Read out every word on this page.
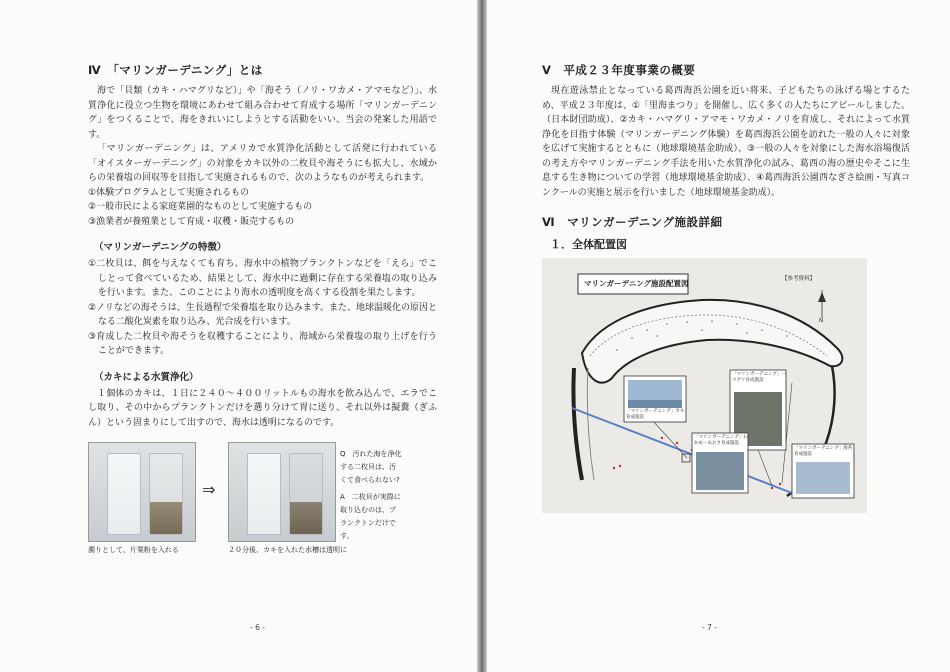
Ⅳ　「マリンガーデニング」とは

海で「貝類（カキ・ハマグリなど）」や「海そう（ノリ・ワカメ・アマモなど）」、水質浄化に役立つ生物を環境にあわせて組み合わせて育成する場所「マリンガーデニング」をつくることで、海をきれいにしようとする活動をいい、当会の発案した用語です。

「マリンガーデニング」は、アメリカで水質浄化活動として活発に行われている「オイスターガーデニング」の対象をカキ以外の二枚貝や海そうにも拡大し、水域からの栄養塩の回収等を目指して実施されるもので、次のようなものが考えられます。

①体験プログラムとして実施されるもの
②一般市民による家庭菜園的なものとして実施するもの
③漁業者が養殖業として育成・収穫・販売するもの
（マリンガーデニングの特徴）
①二枚貝は、餌を与えなくても育ち、海水中の植物プランクトンなどを「えら」でこしとって食べているため、結果として、海水中に過剰に存在する栄養塩の取り込みを行います。また、このことにより海水の透明度を高くする役割を果たします。
②ノリなどの海そうは、生長過程で栄養塩を取り込みます。また、地球温暖化の原因となる二酸化炭素を取り込み、光合成を行います。
③育成した二枚貝や海そうを収穫することにより、海域から栄養塩の取り上げを行うことができます。
（カキによる水質浄化）

１個体のカキは、１日に２４０～４００リットルもの海水を飲み込んで、エラでこし取り、その中からプランクトンだけを選り分けて胃に送り、それ以外は擬糞（ぎふん）という固まりにして出すので、海水は透明になるのです。

⇒
濁りとして、片栗粉を入れる	２０分後、カキを入れた水槽は透明に

Q　汚れた海を浄化する二枚貝は、汚くて食べられない?

A　二枚貝が実際に取り込むのは、プランクトンだけです。

- 6 -
Ⅴ　平成２３年度事業の概要

現在遊泳禁止となっている葛西海浜公園を近い将来、子どもたちの泳げる場とするため、平成２３年度は、①「里海まつり」を開催し、広く多くの人たちにアピールしました。（日本財団助成）、②カキ・ハマグリ・アマモ・ワカメ・ノリを育成し、それによって水質浄化を目指す体験（マリンガーデニング体験）を葛西海浜公園を訪れた一般の人々に対象を広げて実施するとともに（地球環境基金助成）、③一般の人々を対象にした海水浴場復活の考え方やマリンガーデニング手法を用いた水質浄化の試み、葛西の海の歴史やそこに生息する生き物についての学習（地球環境基金助成）、④葛西海浜公園西なぎさ絵画・写真コンクールの実施と展示を行いました（地球環境基金助成）。

Ⅵ　マリンガーデニング施設詳細
１．全体配置図
マリンガーデニング施設配置図	【参考資料】
N
「マリンガーデニング」カキ育成施設
「マリンガーデニング」ハマグリ育成施設
「マリンガーデニング」わかめ・あおさ育成施設
「マリンガーデニング」海苔育成施設
- 7 -
